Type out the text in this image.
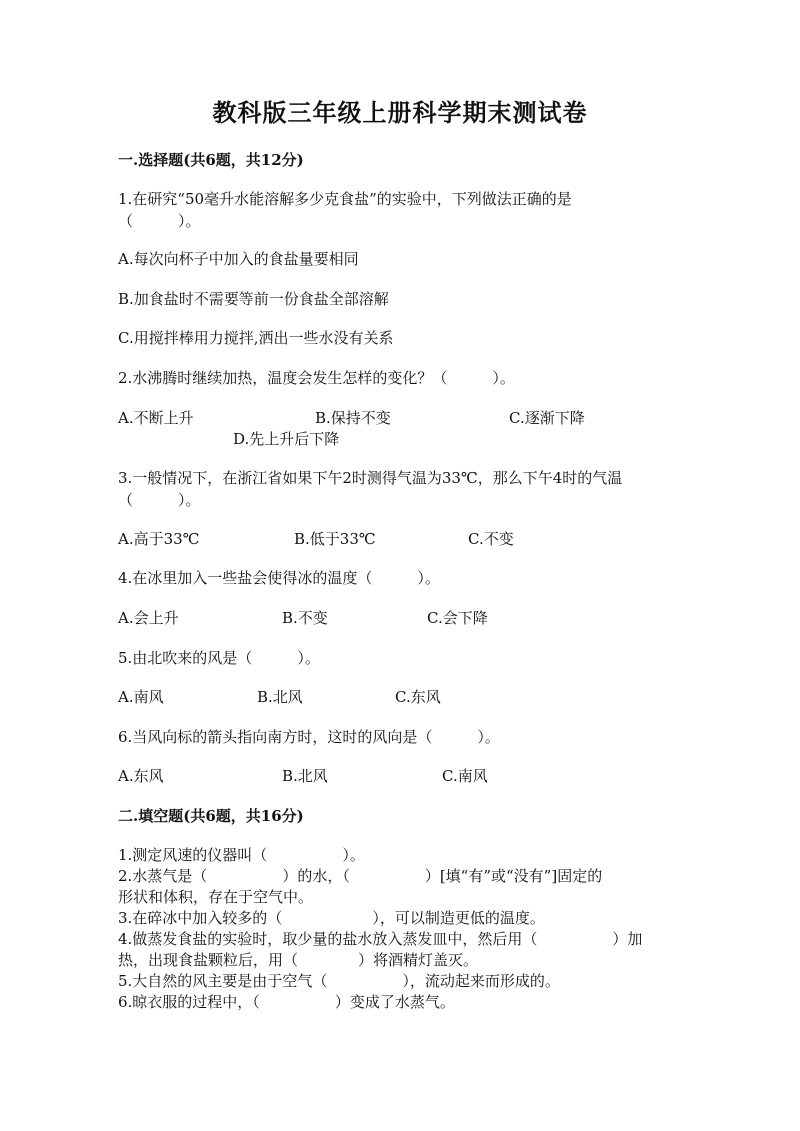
教科版三年级上册科学期末测试卷
一.选择题(共6题，共12分)
1.在研究“50毫升水能溶解多少克食盐”的实验中，下列做法正确的是
（　　　）。
A.每次向杯子中加入的食盐量要相同
B.加食盐时不需要等前一份食盐全部溶解
C.用搅拌棒用力搅拌,洒出一些水没有关系
2.水沸腾时继续加热，温度会发生怎样的变化？（　　　）。
A.不断上升	B.保持不变	C.逐渐下降
D.先上升后下降
3.一般情况下，在浙江省如果下午2时测得气温为33℃，那么下午4时的气温
（　　　）。
A.高于33℃	B.低于33℃	C.不变
4.在冰里加入一些盐会使得冰的温度（　　　）。
A.会上升	B.不变	C.会下降
5.由北吹来的风是（　　　）。
A.南风	B.北风	C.东风
6.当风向标的箭头指向南方时，这时的风向是（　　　）。
A.东风	B.北风	C.南风
二.填空题(共6题，共16分)
1.测定风速的仪器叫（　　　　　）。
2.水蒸气是（　　　　　）的水，（　　　　　）[填“有”或“没有”]固定的
形状和体积，存在于空气中。
3.在碎冰中加入较多的（　　　　　　），可以制造更低的温度。
4.做蒸发食盐的实验时，取少量的盐水放入蒸发皿中，然后用（　　　　　）加
热，出现食盐颗粒后，用（　　　　）将酒精灯盖灭。
5.大自然的风主要是由于空气（　　　　　），流动起来而形成的。
6.晾衣服的过程中，（　　　　　）变成了水蒸气。
